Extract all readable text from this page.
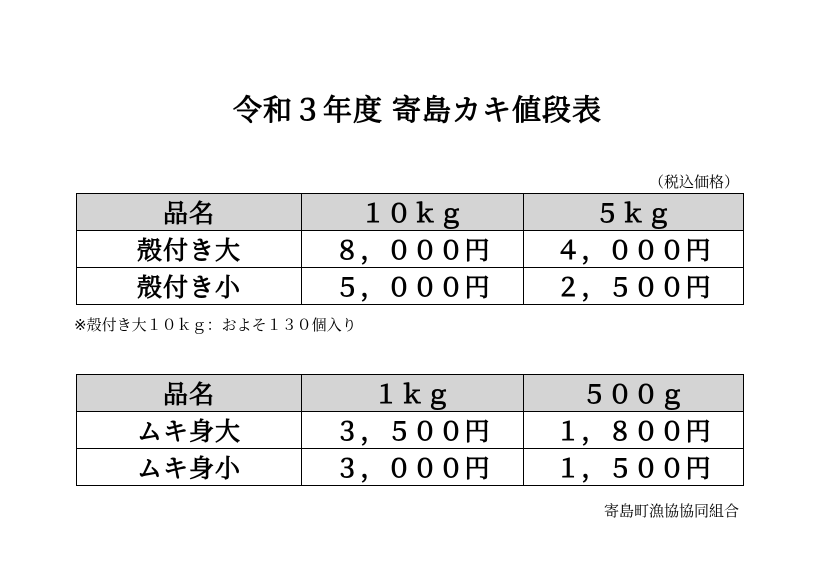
令和３年度 寄島カキ値段表
（税込価格）
品名	１０ｋｇ	５ｋｇ
殻付き大	８，０００円	４，０００円
殻付き小	５，０００円	２，５００円
※殻付き大１０ｋｇ：およそ１３０個入り
品名	１ｋｇ	５００ｇ
ムキ身大	３，５００円	１，８００円
ムキ身小	３，０００円	１，５００円
寄島町漁協協同組合
